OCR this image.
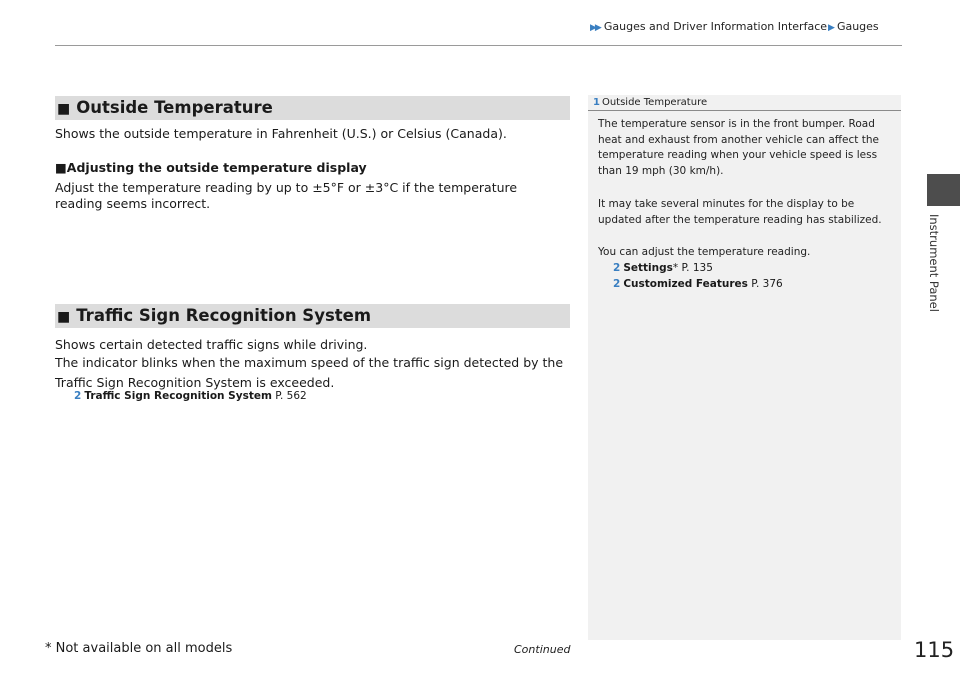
▶▶ Gauges and Driver Information Interface▶ Gauges
■ Outside Temperature
Shows the outside temperature in Fahrenheit (U.S.) or Celsius (Canada).
■Adjusting the outside temperature display
Adjust the temperature reading by up to ±5°F or ±3°C if the temperature reading seems incorrect.
■ Traffic Sign Recognition System
Shows certain detected traffic signs while driving.
The indicator blinks when the maximum speed of the traffic sign detected by the Traffic Sign Recognition System is exceeded.
2 Traffic Sign Recognition System P. 562
1 Outside Temperature
The temperature sensor is in the front bumper. Road heat and exhaust from another vehicle can affect the temperature reading when your vehicle speed is less than 19 mph (30 km/h).
It may take several minutes for the display to be updated after the temperature reading has stabilized.
You can adjust the temperature reading.
2 Settings* P. 135
2 Customized Features P. 376	Instrument Panel
* Not available on all models	Continued	115
